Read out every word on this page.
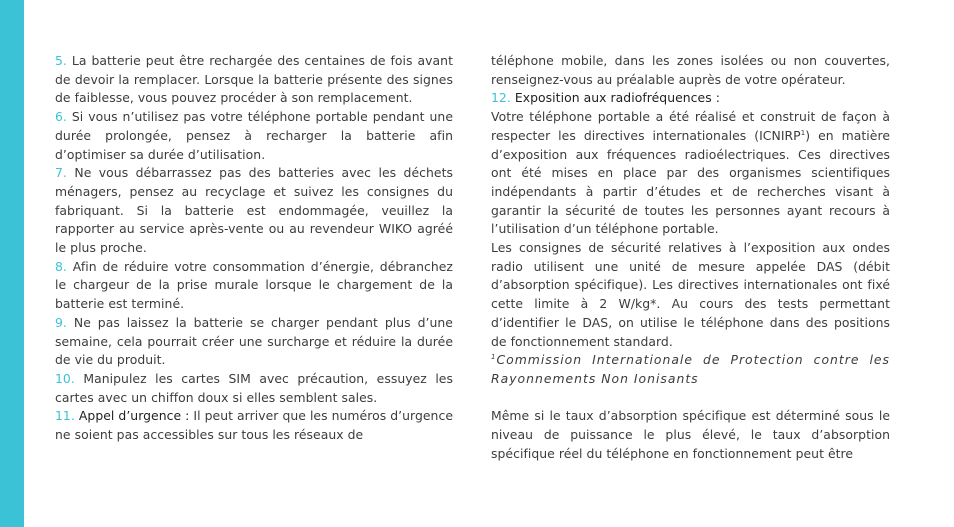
5. La batterie peut être rechargée des centaines de fois avant de devoir la remplacer. Lorsque la batterie présente des signes de faiblesse, vous pouvez procéder à son remplacement.

6. Si vous n’utilisez pas votre téléphone portable pendant une durée prolongée, pensez à recharger la batterie afin d’optimiser sa durée d’utilisation.

7. Ne vous débarrassez pas des batteries avec les déchets ménagers, pensez au recyclage et suivez les consignes du fabriquant. Si la batterie est endommagée, veuillez la rapporter au service après-vente ou au revendeur WIKO agréé le plus proche.

8. Afin de réduire votre consommation d’énergie, débranchez le chargeur de la prise murale lorsque le chargement de la batterie est terminé.

9. Ne pas laissez la batterie se charger pendant plus d’une semaine, cela pourrait créer une surcharge et réduire la durée de vie du produit.

10. Manipulez les cartes SIM avec précaution, essuyez les cartes avec un chiffon doux si elles semblent sales.

11. Appel d’urgence : Il peut arriver que les numéros d’urgence ne soient pas accessibles sur tous les réseaux de

téléphone mobile, dans les zones isolées ou non couvertes, renseignez-vous au préalable auprès de votre opérateur.

12. Exposition aux radiofréquences :

Votre téléphone portable a été réalisé et construit de façon à respecter les directives internationales (ICNIRP$^1$) en matière d’exposition aux fréquences radioélectriques. Ces directives ont été mises en place par des organismes scientifiques indépendants à partir d’études et de recherches visant à garantir la sécurité de toutes les personnes ayant recours à l’utilisation d’un téléphone portable.

Les consignes de sécurité relatives à l’exposition aux ondes radio utilisent une unité de mesure appelée DAS (débit d’absorption spécifique). Les directives internationales ont fixé cette limite à 2 W/kg*. Au cours des tests permettant d’identifier le DAS, on utilise le téléphone dans des positions de fonctionnement standard.

$^1$Commission Internationale de Protection contre les Rayonnements Non Ionisants

Même si le taux d’absorption spécifique est déterminé sous le niveau de puissance le plus élevé, le taux d’absorption spécifique réel du téléphone en fonctionnement peut être
